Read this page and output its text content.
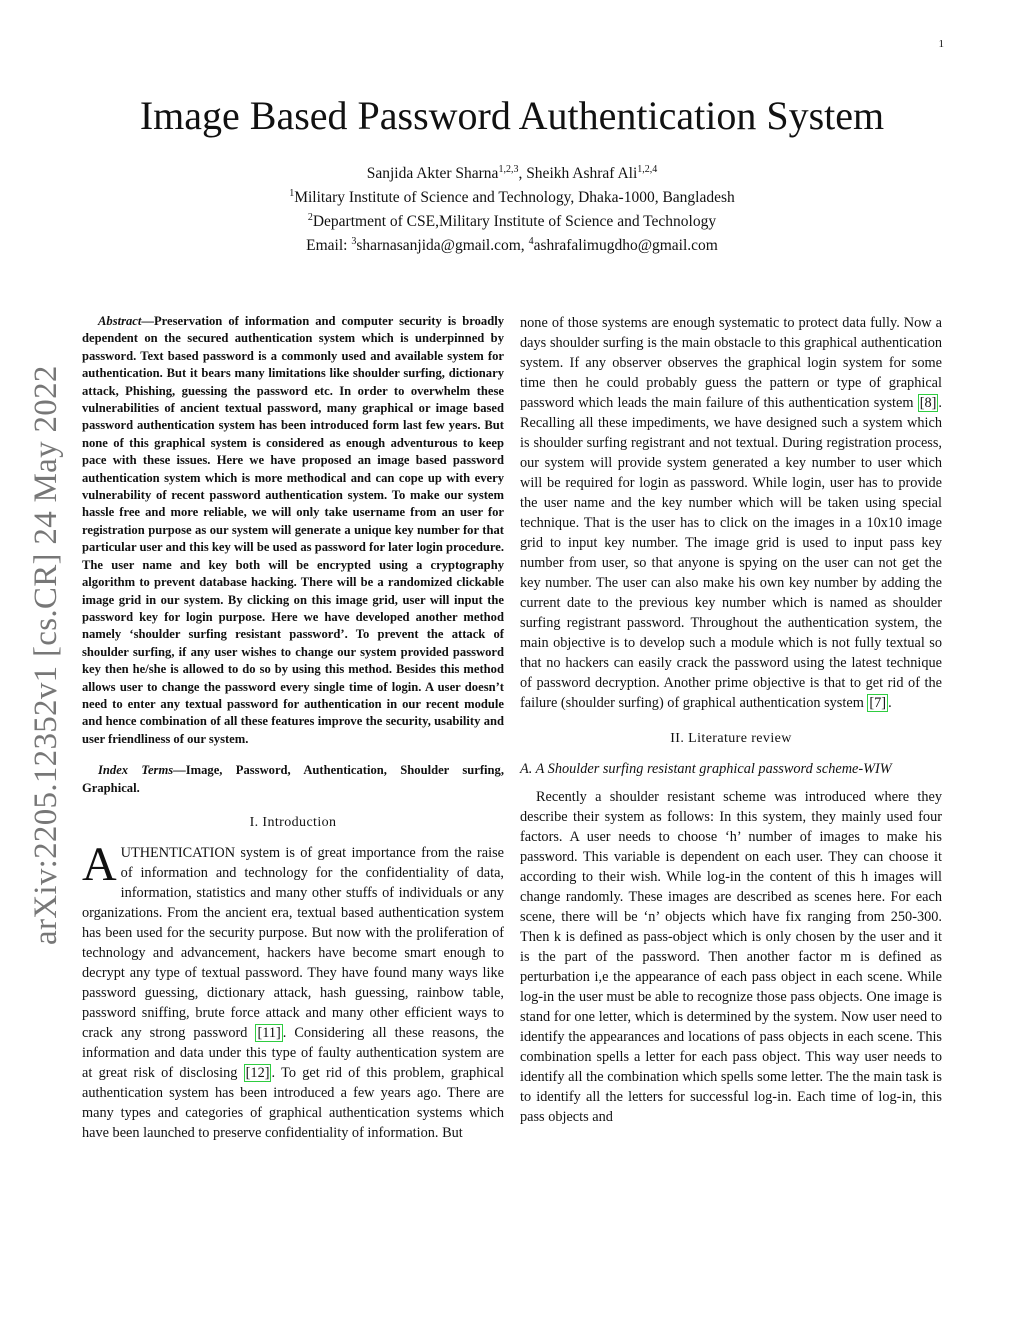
1
arXiv:2205.12352v1 [cs.CR] 24 May 2022
Image Based Password Authentication System
Sanjida Akter Sharna$^{1,2,3}$, Sheikh Ashraf Ali$^{1,2,4}$
$^1$Military Institute of Science and Technology, Dhaka-1000, Bangladesh
$^2$Department of CSE,Military Institute of Science and Technology
Email: $^3$sharnasanjida@gmail.com, $^4$ashrafalimugdho@gmail.com

Abstract—Preservation of information and computer security is broadly dependent on the secured authentication system which is underpinned by password. Text based password is a commonly used and available system for authentication. But it bears many limitations like shoulder surfing, dictionary attack, Phishing, guessing the password etc. In order to overwhelm these vulnerabilities of ancient textual password, many graphical or image based password authentication system has been introduced form last few years. But none of this graphical system is considered as enough adventurous to keep pace with these issues. Here we have proposed an image based password authentication system which is more methodical and can cope up with every vulnerability of recent password authentication system. To make our system hassle free and more reliable, we will only take username from an user for registration purpose as our system will generate a unique key number for that particular user and this key will be used as password for later login procedure. The user name and key both will be encrypted using a cryptography algorithm to prevent database hacking. There will be a randomized clickable image grid in our system. By clicking on this image grid, user will input the password key for login purpose. Here we have developed another method namely ‘shoulder surfing resistant password’. To prevent the attack of shoulder surfing, if any user wishes to change our system provided password key then he/she is allowed to do so by using this method. Besides this method allows user to change the password every single time of login. A user doesn’t need to enter any textual password for authentication in our recent module and hence combination of all these features improve the security, usability and user friendliness of our system.

Index Terms—Image, Password, Authentication, Shoulder surfing, Graphical.

I. Introduction

AUTHENTICATION system is of great importance from the raise of information and technology for the confidentiality of data, information, statistics and many other stuffs of individuals or any organizations. From the ancient era, textual based authentication system has been used for the security purpose. But now with the proliferation of technology and advancement, hackers have become smart enough to decrypt any type of textual password. They have found many ways like password guessing, dictionary attack, hash guessing, rainbow table, password sniffing, brute force attack and many other efficient ways to crack any strong password [11] . Considering all these reasons, the information and data under this type of faulty authentication system are at great risk of disclosing [12] . To get rid of this problem, graphical authentication system has been introduced a few years ago. There are many types and categories of graphical authentication systems which have been launched to preserve confidentiality of information. But

none of those systems are enough systematic to protect data fully. Now a days shoulder surfing is the main obstacle to this graphical authentication system. If any observer observes the graphical login system for some time then he could probably guess the pattern or type of graphical password which leads the main failure of this authentication system [8] . Recalling all these impediments, we have designed such a system which is shoulder surfing registrant and not textual. During registration process, our system will provide system generated a key number to user which will be required for login as password. While login, user has to provide the user name and the key number which will be taken using special technique. That is the user has to click on the images in a 10x10 image grid to input key number. The image grid is used to input pass key number from user, so that anyone is spying on the user can not get the key number. The user can also make his own key number by adding the current date to the previous key number which is named as shoulder surfing registrant password. Throughout the authentication system, the main objective is to develop such a module which is not fully textual so that no hackers can easily crack the password using the latest technique of password decryption. Another prime objective is that to get rid of the failure (shoulder surfing) of graphical authentication system [7] .

II. Literature review
A. A Shoulder surfing resistant graphical password scheme-WIW

Recently a shoulder resistant scheme was introduced where they describe their system as follows: In this system, they mainly used four factors. A user needs to choose ‘h’ number of images to make his password. This variable is dependent on each user. They can choose it according to their wish. While log-in the content of this h images will change randomly. These images are described as scenes here. For each scene, there will be ‘n’ objects which have fix ranging from 250-300. Then k is defined as pass-object which is only chosen by the user and it is the part of the password. Then another factor m is defined as perturbation i,e the appearance of each pass object in each scene. While log-in the user must be able to recognize those pass objects. One image is stand for one letter, which is determined by the system. Now user need to identify the appearances and locations of pass objects in each scene. This combination spells a letter for each pass object. This way user needs to identify all the combination which spells some letter. The the main task is to identify all the letters for successful log-in. Each time of log-in, this pass objects and
